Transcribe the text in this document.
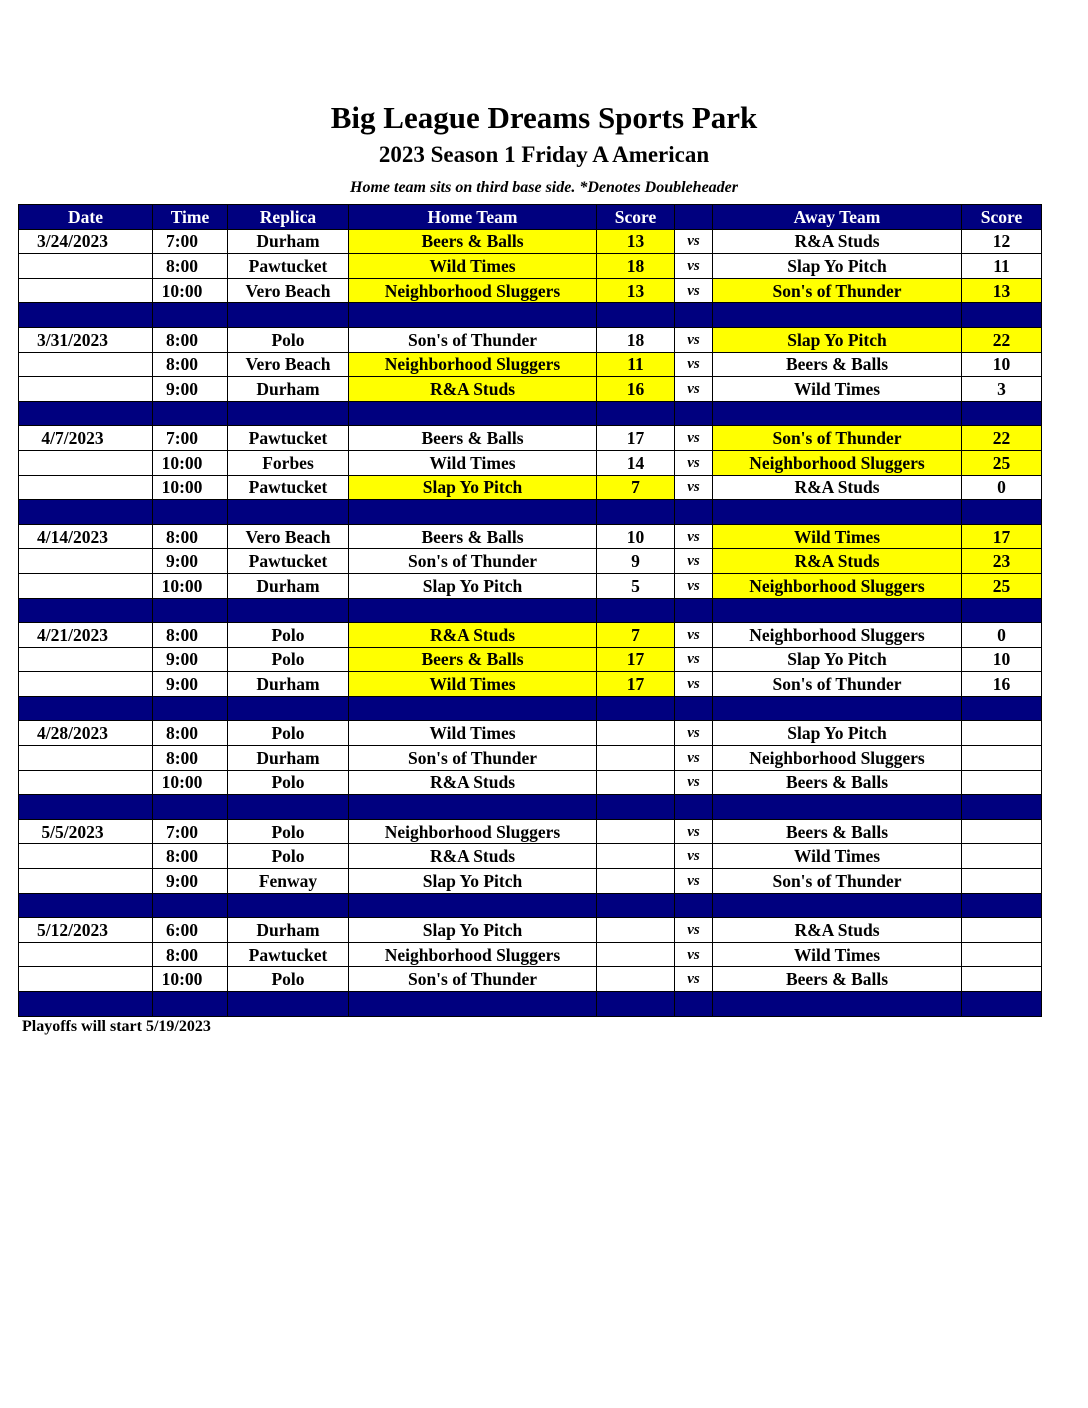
Big League Dreams Sports Park
2023 Season 1 Friday A American
Home team sits on third base side. *Denotes Doubleheader
Date	Time	Replica	Home Team	Score		Away Team	Score
3/24/2023	7:00	Durham	Beers & Balls	13	vs	R&A Studs	12
	8:00	Pawtucket	Wild Times	18	vs	Slap Yo Pitch	11
	10:00	Vero Beach	Neighborhood Sluggers	13	vs	Son's of Thunder	13

3/31/2023	8:00	Polo	Son's of Thunder	18	vs	Slap Yo Pitch	22
	8:00	Vero Beach	Neighborhood Sluggers	11	vs	Beers & Balls	10
	9:00	Durham	R&A Studs	16	vs	Wild Times	3

4/7/2023	7:00	Pawtucket	Beers & Balls	17	vs	Son's of Thunder	22
	10:00	Forbes	Wild Times	14	vs	Neighborhood Sluggers	25
	10:00	Pawtucket	Slap Yo Pitch	7	vs	R&A Studs	0

4/14/2023	8:00	Vero Beach	Beers & Balls	10	vs	Wild Times	17
	9:00	Pawtucket	Son's of Thunder	9	vs	R&A Studs	23
	10:00	Durham	Slap Yo Pitch	5	vs	Neighborhood Sluggers	25

4/21/2023	8:00	Polo	R&A Studs	7	vs	Neighborhood Sluggers	0
	9:00	Polo	Beers & Balls	17	vs	Slap Yo Pitch	10
	9:00	Durham	Wild Times	17	vs	Son's of Thunder	16

4/28/2023	8:00	Polo	Wild Times		vs	Slap Yo Pitch	
	8:00	Durham	Son's of Thunder		vs	Neighborhood Sluggers	
	10:00	Polo	R&A Studs		vs	Beers & Balls	

5/5/2023	7:00	Polo	Neighborhood Sluggers		vs	Beers & Balls	
	8:00	Polo	R&A Studs		vs	Wild Times	
	9:00	Fenway	Slap Yo Pitch		vs	Son's of Thunder	

5/12/2023	6:00	Durham	Slap Yo Pitch		vs	R&A Studs	
	8:00	Pawtucket	Neighborhood Sluggers		vs	Wild Times	
	10:00	Polo	Son's of Thunder		vs	Beers & Balls	

Playoffs will start 5/19/2023
